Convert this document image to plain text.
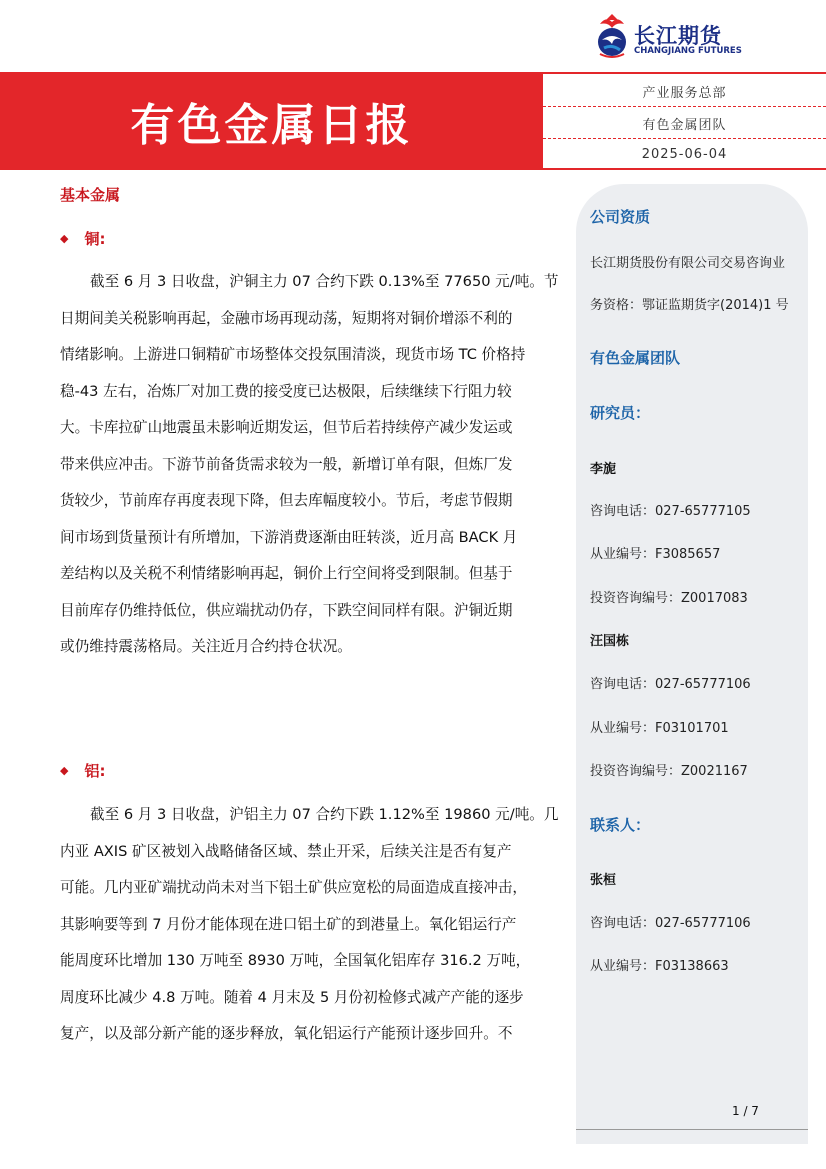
长江期货
CHANGJIANG FUTURES
有色金属日报
产业服务总部
有色金属团队
2025-06-04
基本金属
◆ 铜:
截至 6 月 3 日收盘，沪铜主力 07 合约下跌 0.13%至 77650 元/吨。节
日期间美关税影响再起，金融市场再现动荡，短期将对铜价增添不利的
情绪影响。上游进口铜精矿市场整体交投氛围清淡，现货市场 TC 价格持
稳-43 左右，冶炼厂对加工费的接受度已达极限，后续继续下行阻力较
大。卡库拉矿山地震虽未影响近期发运，但节后若持续停产减少发运或
带来供应冲击。下游节前备货需求较为一般，新增订单有限，但炼厂发
货较少，节前库存再度表现下降，但去库幅度较小。节后，考虑节假期
间市场到货量预计有所增加，下游消费逐渐由旺转淡，近月高 BACK 月
差结构以及关税不利情绪影响再起，铜价上行空间将受到限制。但基于
目前库存仍维持低位，供应端扰动仍存，下跌空间同样有限。沪铜近期
或仍维持震荡格局。关注近月合约持仓状况。
◆ 铝:
截至 6 月 3 日收盘，沪铝主力 07 合约下跌 1.12%至 19860 元/吨。几
内亚 AXIS 矿区被划入战略储备区域、禁止开采，后续关注是否有复产
可能。几内亚矿端扰动尚未对当下铝土矿供应宽松的局面造成直接冲击，
其影响要等到 7 月份才能体现在进口铝土矿的到港量上。氧化铝运行产
能周度环比增加 130 万吨至 8930 万吨，全国氧化铝库存 316.2 万吨，
周度环比减少 4.8 万吨。随着 4 月末及 5 月份初检修式减产产能的逐步
复产，以及部分新产能的逐步释放，氧化铝运行产能预计逐步回升。不
公司资质
长江期货股份有限公司交易咨询业
务资格：鄂证监期货字(2014)1 号
有色金属团队
研究员：
李旎
咨询电话：027-65777105
从业编号：F3085657
投资咨询编号：Z0017083
汪国栋
咨询电话：027-65777106
从业编号：F03101701
投资咨询编号：Z0021167
联系人：
张桓
咨询电话：027-65777106
从业编号：F03138663
1 / 7
